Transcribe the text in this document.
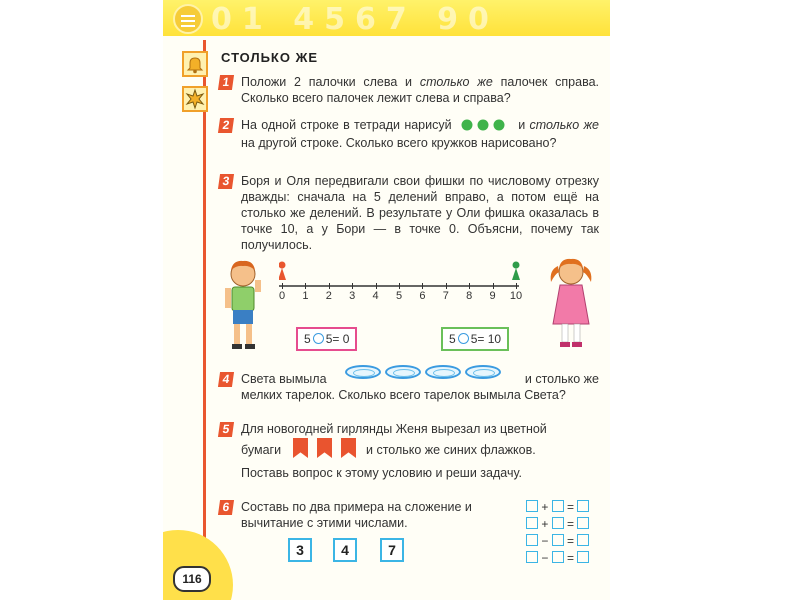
01 4567 90
116
СТОЛЬКО ЖЕ
1 Положи 2 палочки слева и столько же палочек справа. Сколько всего палочек лежит слева и справа?
2 На одной строке в тетради нарисуй	и столько же на другой строке. Сколько всего кружков нарисовано?
3 Боря и Оля передвигали свои фишки по числовому отрезку дважды: сначала на 5 делений вправо, а потом ещё на столько же делений. В результате у Оли фишка оказалась в точке 10, а у Бори — в точке 0. Объясни, почему так получилось.
0	1	2	3	4	5	6	7	8	9	10
5 5= 0	5 5= 10
4 Света вымыла	и столько же
мелких тарелок. Сколько всего тарелок вымыла Света?
5 Для новогодней гирлянды Женя вырезал из цветной
бумаги	и столько же синих флажков.
Поставь вопрос к этому условию и реши задачу.
6 Составь по два примера на сложение и вычитание с этими числами.
3	4	7
+  =
+  =
−  =
−  =
